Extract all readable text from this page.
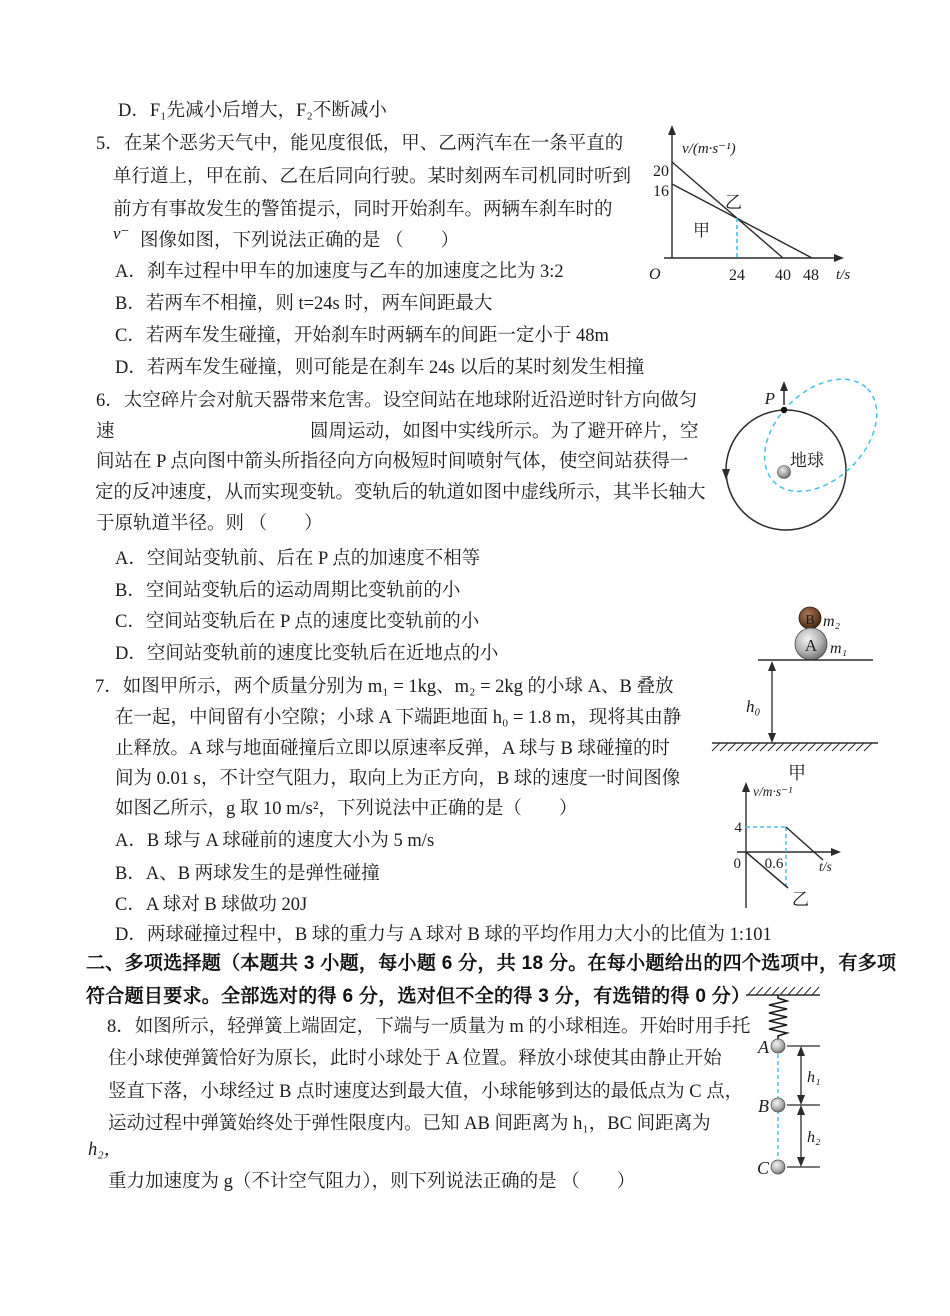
D．F₁先减小后增大，F₂不断减小
5．在某个恶劣天气中，能见度很低，甲、乙两汽车在一条平直的
单行道上，甲在前、乙在后同向行驶。某时刻两车司机同时听到
前方有事故发生的警笛提示，同时开始刹车。两辆车刹车时的
v⁻ 图像如图，下列说法正确的是 （　　）
A．刹车过程中甲车的加速度与乙车的加速度之比为 3:2
B．若两车不相撞，则 t=24s 时，两车间距最大
C．若两车发生碰撞，开始刹车时两辆车的间距一定小于 48m
D．若两车发生碰撞，则可能是在刹车 24s 以后的某时刻发生相撞
6．太空碎片会对航天器带来危害。设空间站在地球附近沿逆时针方向做匀
速	圆周运动，如图中实线所示。为了避开碎片，空
间站在 P 点向图中箭头所指径向方向极短时间喷射气体，使空间站获得一
定的反冲速度，从而实现变轨。变轨后的轨道如图中虚线所示，其半长轴大
于原轨道半径。则 （　　）
A．空间站变轨前、后在 P 点的加速度不相等
B．空间站变轨后的运动周期比变轨前的小
C．空间站变轨后在 P 点的速度比变轨前的小
D．空间站变轨前的速度比变轨后在近地点的小
7．如图甲所示，两个质量分别为 m₁ = 1kg、m₂ = 2kg 的小球 A、B 叠放
在一起，中间留有小空隙；小球 A 下端距地面 h₀ = 1.8 m，现将其由静
止释放。A 球与地面碰撞后立即以原速率反弹，A 球与 B 球碰撞的时
间为 0.01 s，不计空气阻力，取向上为正方向，B 球的速度一时间图像
如图乙所示，g 取 10 m/s²，下列说法中正确的是（　　）
A．B 球与 A 球碰前的速度大小为 5 m/s
B．A、B 两球发生的是弹性碰撞
C．A 球对 B 球做功 20J
D．两球碰撞过程中，B 球的重力与 A 球对 B 球的平均作用力大小的比值为 1:101
二、多项选择题（本题共 3 小题，每小题 6 分，共 18 分。在每小题给出的四个选项中，有多项
符合题目要求。全部选对的得 6 分，选对但不全的得 3 分，有选错的得 0 分）
8．如图所示，轻弹簧上端固定，下端与一质量为 m 的小球相连。开始时用手托
住小球使弹簧恰好为原长，此时小球处于 A 位置。释放小球使其由静止开始
竖直下落，小球经过 B 点时速度达到最大值，小球能够到达的最低点为 C 点，
运动过程中弹簧始终处于弹性限度内。已知 AB 间距离为 h₁，BC 间距离为
h₂，
重力加速度为 g（不计空气阻力），则下列说法正确的是 （　　）
v/(m·s⁻¹)
20
16
乙
甲
O	24 40 48 t/s
P
地球
B m₂
A m₁
h₀
甲
v/m·s⁻¹
4
0 0.6	t/s
乙
A
h₁
B
h₂
C
